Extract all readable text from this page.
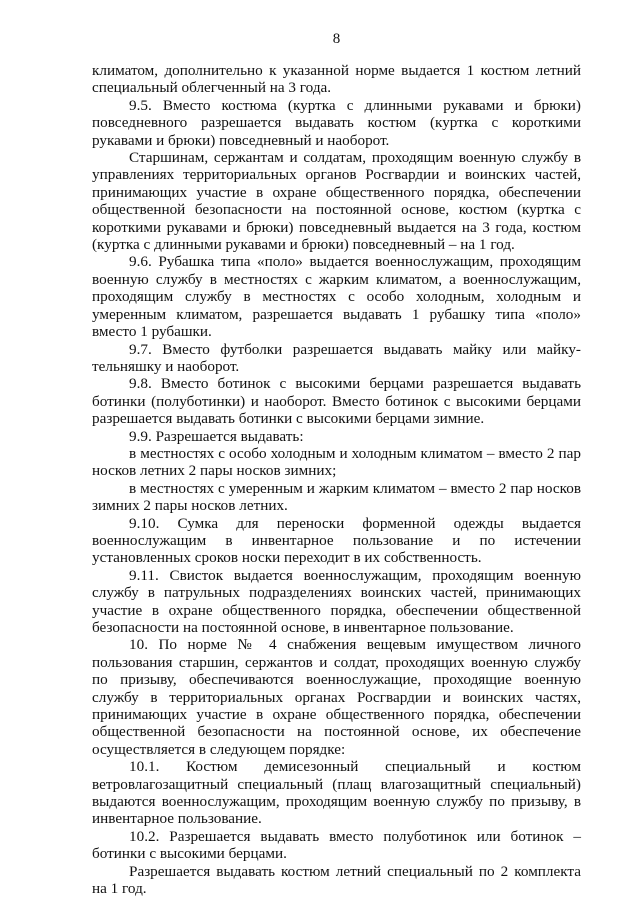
8

климатом, дополнительно к указанной норме выдается 1 костюм летний специальный облегченный на 3 года.

9.5. Вместо костюма (куртка с длинными рукавами и брюки) повседневного разрешается выдавать костюм (куртка с короткими рукавами и брюки) повседневный и наоборот.

Старшинам, сержантам и солдатам, проходящим военную службу в управлениях территориальных органов Росгвардии и воинских частей, принимающих участие в охране общественного порядка, обеспечении общественной безопасности на постоянной основе, костюм (куртка с короткими рукавами и брюки) повседневный выдается на 3 года, костюм (куртка с длинными рукавами и брюки) повседневный – на 1 год.

9.6. Рубашка типа «поло» выдается военнослужащим, проходящим военную службу в местностях с жарким климатом, а военнослужащим, проходящим службу в местностях с особо холодным, холодным и умеренным климатом, разрешается выдавать 1 рубашку типа «поло» вместо 1 рубашки.

9.7. Вместо футболки разрешается выдавать майку или майку-тельняшку и наоборот.

9.8. Вместо ботинок с высокими берцами разрешается выдавать ботинки (полуботинки) и наоборот. Вместо ботинок с высокими берцами разрешается выдавать ботинки с высокими берцами зимние.

9.9. Разрешается выдавать:

в местностях с особо холодным и холодным климатом – вместо 2 пар носков летних 2 пары носков зимних;

в местностях с умеренным и жарким климатом – вместо 2 пар носков зимних 2 пары носков летних.

9.10. Сумка для переноски форменной одежды выдается военнослужащим в инвентарное пользование и по истечении установленных сроков носки переходит в их собственность.

9.11. Свисток выдается военнослужащим, проходящим военную службу в патрульных подразделениях воинских частей, принимающих участие в охране общественного порядка, обеспечении общественной безопасности на постоянной основе, в инвентарное пользование.

10. По норме № 4 снабжения вещевым имуществом личного пользования старшин, сержантов и солдат, проходящих военную службу по призыву, обеспечиваются военнослужащие, проходящие военную службу в территориальных органах Росгвардии и воинских частях, принимающих участие в охране общественного порядка, обеспечении общественной безопасности на постоянной основе, их обеспечение осуществляется в следующем порядке:

10.1. Костюм демисезонный специальный и костюм ветровлагозащитный специальный (плащ влагозащитный специальный) выдаются военнослужащим, проходящим военную службу по призыву, в инвентарное пользование.

10.2. Разрешается выдавать вместо полуботинок или ботинок – ботинки с высокими берцами.

Разрешается выдавать костюм летний специальный по 2 комплекта на 1 год.
